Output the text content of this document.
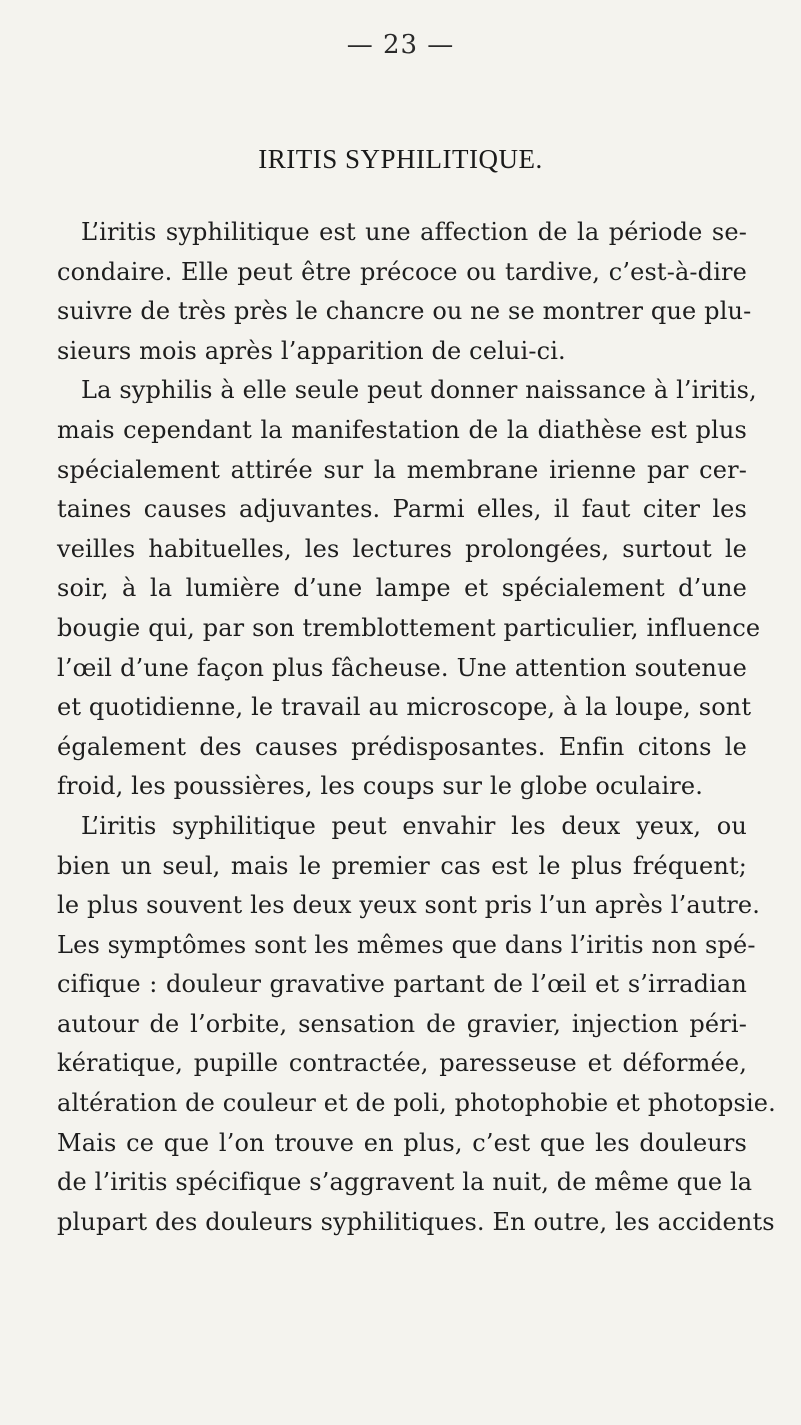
— 23 —
IRITIS SYPHILITIQUE.
L’iritis syphilitique est une affection de la période se-
condaire. Elle peut être précoce ou tardive, c’est-à-dire
suivre de très près le chancre ou ne se montrer que plu-
sieurs mois après l’apparition de celui-ci.
La syphilis à elle seule peut donner naissance à l’iritis,
mais cependant la manifestation de la diathèse est plus
spécialement attirée sur la membrane irienne par cer-
taines causes adjuvantes. Parmi elles, il faut citer les
veilles habituelles, les lectures prolongées, surtout le
soir, à la lumière d’une lampe et spécialement d’une
bougie qui, par son tremblottement particulier, influence
l’œil d’une façon plus fâcheuse. Une attention soutenue
et quotidienne, le travail au microscope, à la loupe, sont
également des causes prédisposantes. Enfin citons le
froid, les poussières, les coups sur le globe oculaire.
L’iritis syphilitique peut envahir les deux yeux, ou
bien un seul, mais le premier cas est le plus fréquent;
le plus souvent les deux yeux sont pris l’un après l’autre.
Les symptômes sont les mêmes que dans l’iritis non spé-
cifique : douleur gravative partant de l’œil et s’irradian
autour de l’orbite, sensation de gravier, injection péri-
kératique, pupille contractée, paresseuse et déformée,
altération de couleur et de poli, photophobie et photopsie.
Mais ce que l’on trouve en plus, c’est que les douleurs
de l’iritis spécifique s’aggravent la nuit, de même que la
plupart des douleurs syphilitiques. En outre, les accidents
